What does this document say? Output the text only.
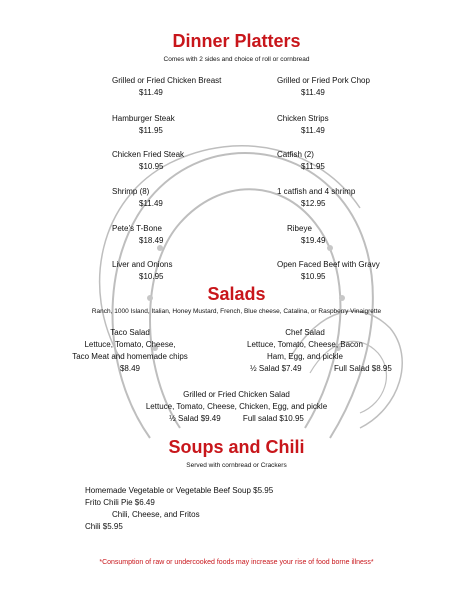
Dinner Platters
Comes with 2 sides and choice of roll or cornbread
Grilled or Fried Chicken Breast
$11.49
Hamburger Steak
$11.95
Chicken Fried Steak
$10.95
Shrimp (8)
$11.49
Pete’s T-Bone
$18.49
Liver and Onions
$10.95
Grilled or Fried Pork Chop
$11.49
Chicken Strips
$11.49
Catfish (2)
$11.95
1 catfish and 4 shrimp
$12.95
Ribeye
$19.49
Open Faced Beef with Gravy
$10.95
Salads
Ranch, 1000 Island, Italian, Honey Mustard, French, Blue cheese, Catalina, or Raspberry Vinaigrette
Taco Salad
Lettuce, Tomato, Cheese,
Taco Meat and homemade chips
$8.49
Chef Salad
Lettuce, Tomato, Cheese, Bacon
Ham, Egg, and pickle
½ Salad $7.49	Full Salad $8.95
Grilled or Fried Chicken Salad
Lettuce, Tomato, Cheese, Chicken, Egg, and pickle
½ Salad $9.49          Full salad $10.95
Soups and Chili
Served with cornbread or Crackers
Homemade Vegetable or Vegetable Beef Soup $5.95
Frito Chili Pie $6.49
Chili, Cheese, and Fritos
Chili $5.95
*Consumption of raw or undercooked foods may increase your rise of food borne illness*
